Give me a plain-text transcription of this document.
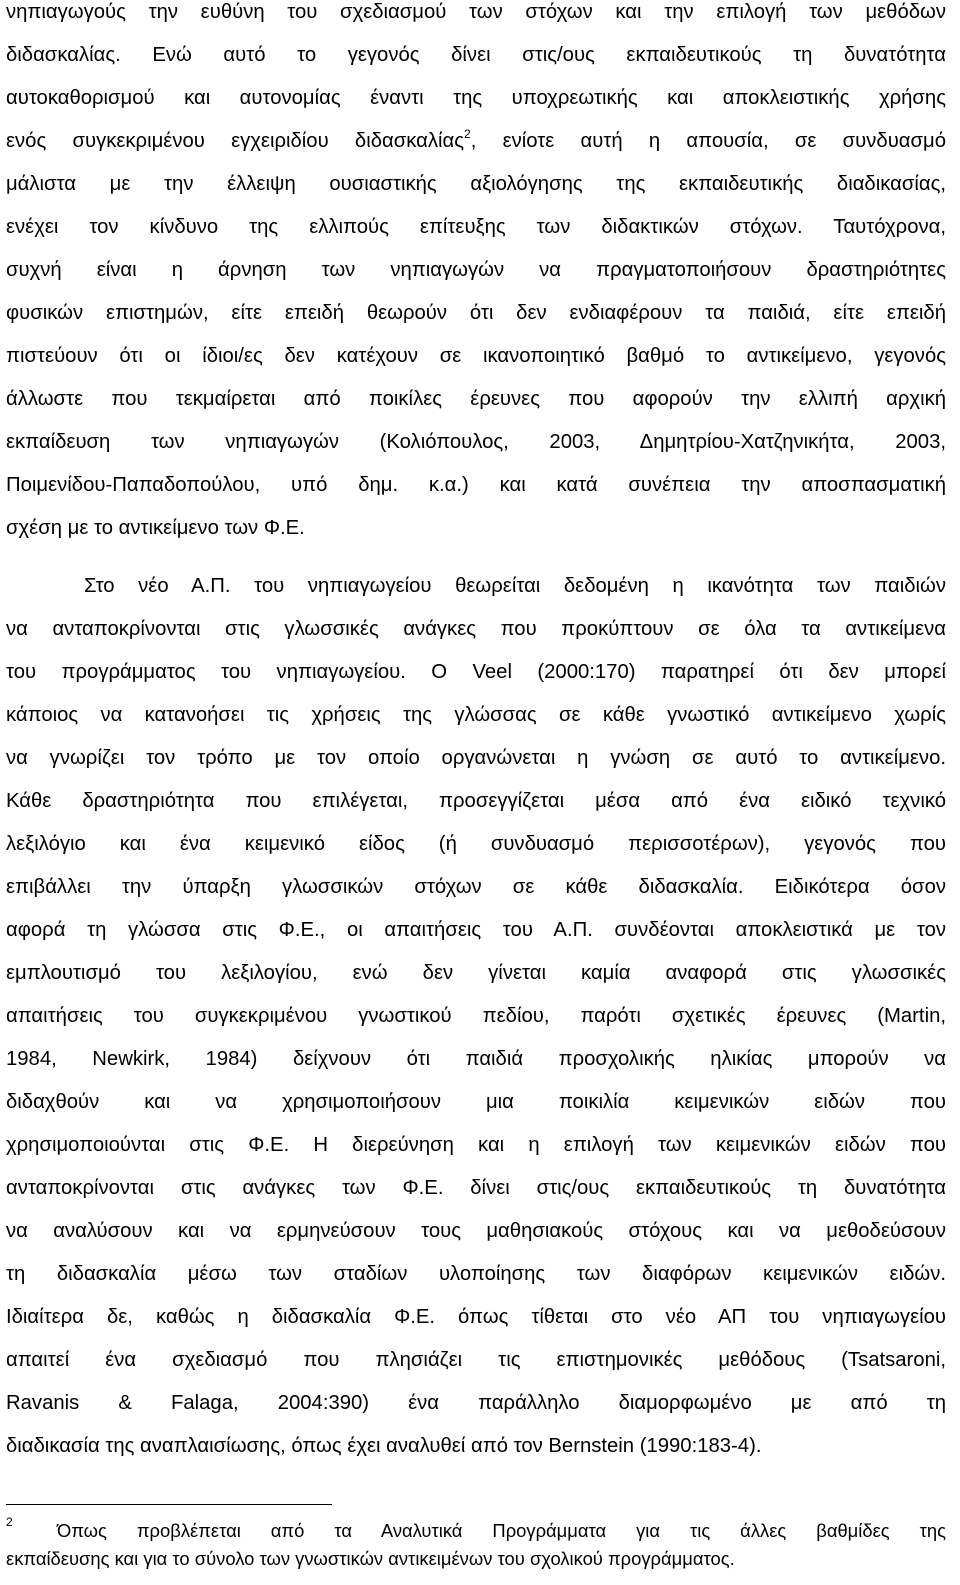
νηπιαγωγούς την ευθύνη του σχεδιασμού των στόχων και την επιλογή των μεθόδων
διδασκαλίας. Ενώ αυτό το γεγονός δίνει στις/ους εκπαιδευτικούς τη δυνατότητα
αυτοκαθορισμού και αυτονομίας έναντι της υποχρεωτικής και αποκλειστικής χρήσης
ενός συγκεκριμένου εγχειριδίου διδασκαλίας$^2$, ενίοτε αυτή η απουσία, σε συνδυασμό
μάλιστα με την έλλειψη ουσιαστικής αξιολόγησης της εκπαιδευτικής διαδικασίας,
ενέχει τον κίνδυνο της ελλιπούς επίτευξης των διδακτικών στόχων. Ταυτόχρονα,
συχνή είναι η άρνηση των νηπιαγωγών να πραγματοποιήσουν δραστηριότητες
φυσικών επιστημών, είτε επειδή θεωρούν ότι δεν ενδιαφέρουν τα παιδιά, είτε επειδή
πιστεύουν ότι οι ίδιοι/ες δεν κατέχουν σε ικανοποιητικό βαθμό το αντικείμενο, γεγονός
άλλωστε που τεκμαίρεται από ποικίλες έρευνες που αφορούν την ελλιπή αρχική
εκπαίδευση των νηπιαγωγών (Κολιόπουλος, 2003, Δημητρίου-Χατζηνικήτα, 2003,
Ποιμενίδου-Παπαδοπούλου, υπό δημ. κ.α.) και κατά συνέπεια την αποσπασματική
σχέση με το αντικείμενο των Φ.Ε.
Στο νέο Α.Π. του νηπιαγωγείου θεωρείται δεδομένη η ικανότητα των παιδιών
να ανταποκρίνονται στις γλωσσικές ανάγκες που προκύπτουν σε όλα τα αντικείμενα
του προγράμματος του νηπιαγωγείου. Ο Veel (2000:170) παρατηρεί ότι δεν μπορεί
κάποιος να κατανοήσει τις χρήσεις της γλώσσας σε κάθε γνωστικό αντικείμενο χωρίς
να γνωρίζει τον τρόπο με τον οποίο οργανώνεται η γνώση σε αυτό το αντικείμενο.
Κάθε δραστηριότητα που επιλέγεται, προσεγγίζεται μέσα από ένα ειδικό τεχνικό
λεξιλόγιο και ένα κειμενικό είδος (ή συνδυασμό περισσοτέρων), γεγονός που
επιβάλλει την ύπαρξη γλωσσικών στόχων σε κάθε διδασκαλία. Ειδικότερα όσον
αφορά τη γλώσσα στις Φ.Ε., οι απαιτήσεις του Α.Π. συνδέονται αποκλειστικά με τον
εμπλουτισμό του λεξιλογίου, ενώ δεν γίνεται καμία αναφορά στις γλωσσικές
απαιτήσεις του συγκεκριμένου γνωστικού πεδίου, παρότι σχετικές έρευνες (Martin,
1984, Newkirk, 1984) δείχνουν ότι παιδιά προσχολικής ηλικίας μπορούν να
διδαχθούν και να χρησιμοποιήσουν μια ποικιλία κειμενικών ειδών που
χρησιμοποιούνται στις Φ.Ε. Η διερεύνηση και η επιλογή των κειμενικών ειδών που
ανταποκρίνονται στις ανάγκες των Φ.Ε. δίνει στις/ους εκπαιδευτικούς τη δυνατότητα
να αναλύσουν και να ερμηνεύσουν τους μαθησιακούς στόχους και να μεθοδεύσουν
τη διδασκαλία μέσω των σταδίων υλοποίησης των διαφόρων κειμενικών ειδών.
Ιδιαίτερα δε, καθώς η διδασκαλία Φ.Ε. όπως τίθεται στο νέο ΑΠ του νηπιαγωγείου
απαιτεί ένα σχεδιασμό που πλησιάζει τις επιστημονικές μεθόδους (Tsatsaroni,
Ravanis & Falaga, 2004:390) ένα παράλληλο διαμορφωμένο με από τη
διαδικασία της αναπλαισίωσης, όπως έχει αναλυθεί από τον Bernstein (1990:183-4).
2 Όπως προβλέπεται από τα Αναλυτικά Προγράμματα για τις άλλες βαθμίδες της
εκπαίδευσης και για το σύνολο των γνωστικών αντικειμένων του σχολικού προγράμματος.
